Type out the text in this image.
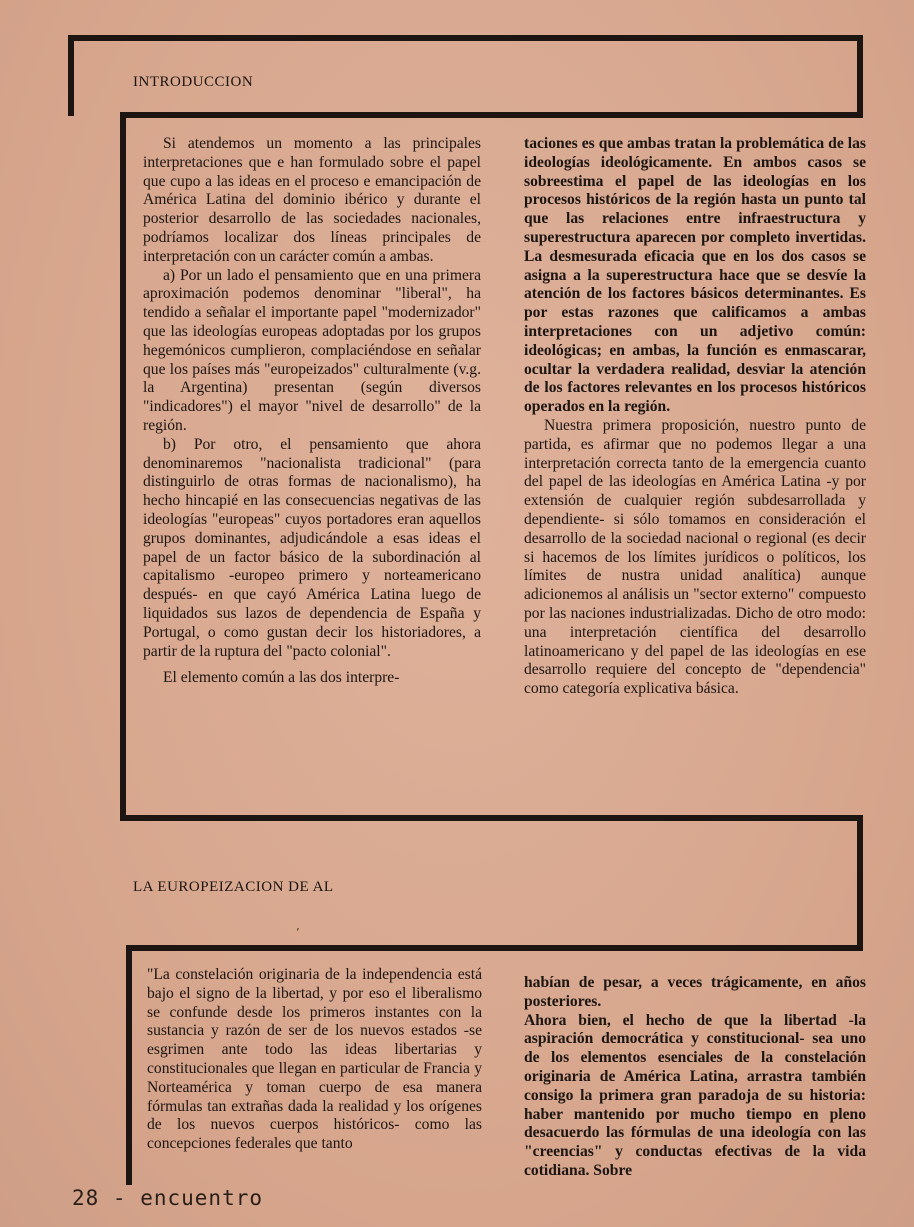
INTRODUCCION

Si atendemos un momento a las principales interpretaciones que e han formulado sobre el papel que cupo a las ideas en el proceso e emancipación de América Latina del dominio ibérico y durante el posterior desarrollo de las sociedades nacionales, podríamos localizar dos líneas principales de interpretación con un carácter común a ambas.

a) Por un lado el pensamiento que en una primera aproximación podemos denominar "liberal", ha tendido a señalar el importante papel "modernizador" que las ideologías europeas adoptadas por los grupos hegemónicos cumplieron, complaciéndose en señalar que los países más "europeizados" culturalmente (v.g. la Argentina) presentan (según diversos "indicadores") el mayor "nivel de desarrollo" de la región.

b) Por otro, el pensamiento que ahora denominaremos "nacionalista tradicional" (para distinguirlo de otras formas de nacionalismo), ha hecho hincapié en las consecuencias negativas de las ideologías "europeas" cuyos portadores eran aquellos grupos dominantes, adjudicándole a esas ideas el papel de un factor básico de la subordinación al capitalismo -europeo primero y norteamericano después- en que cayó América Latina luego de liquidados sus lazos de dependencia de España y Portugal, o como gustan decir los historiadores, a partir de la ruptura del "pacto colonial".

El elemento común a las dos interpre-

taciones es que ambas tratan la problemática de las ideologías ideológicamente. En ambos casos se sobreestima el papel de las ideologías en los procesos históricos de la región hasta un punto tal que las relaciones entre infraestructura y superestructura aparecen por completo invertidas. La desmesurada eficacia que en los dos casos se asigna a la superestructura hace que se desvíe la atención de los factores básicos determinantes. Es por estas razones que calificamos a ambas interpretaciones con un adjetivo común: ideológicas; en ambas, la función es enmascarar, ocultar la verdadera realidad, desviar la atención de los factores relevantes en los procesos históricos operados en la región.

Nuestra primera proposición, nuestro punto de partida, es afirmar que no podemos llegar a una interpretación correcta tanto de la emergencia cuanto del papel de las ideologías en América Latina -y por extensión de cualquier región subdesarrollada y dependiente- si sólo tomamos en consideración el desarrollo de la sociedad nacional o regional (es decir si hacemos de los límites jurídicos o políticos, los límites de nustra unidad analítica) aunque adicionemos al análisis un "sector externo" compuesto por las naciones industrializadas. Dicho de otro modo: una interpretación científica del desarrollo latinoamericano y del papel de las ideologías en ese desarrollo requiere del concepto de "dependencia" como categoría explicativa básica.

LA EUROPEIZACION DE AL
’

"La constelación originaria de la independencia está bajo el signo de la libertad, y por eso el liberalismo se confunde desde los primeros instantes con la sustancia y razón de ser de los nuevos estados -se esgrimen ante todo las ideas libertarias y constitucionales que llegan en particular de Francia y Norteamérica y toman cuerpo de esa manera fórmulas tan extrañas dada la realidad y los orígenes de los nuevos cuerpos históricos- como las concepciones federales que tanto

habían de pesar, a veces trágicamente, en años posteriores.

Ahora bien, el hecho de que la libertad -la aspiración democrática y constitucional- sea uno de los elementos esenciales de la constelación originaria de América Latina, arrastra también consigo la primera gran paradoja de su historia: haber mantenido por mucho tiempo en pleno desacuerdo las fórmulas de una ideología con las "creencias" y conductas efectivas de la vida cotidiana. Sobre

28 - encuentro
